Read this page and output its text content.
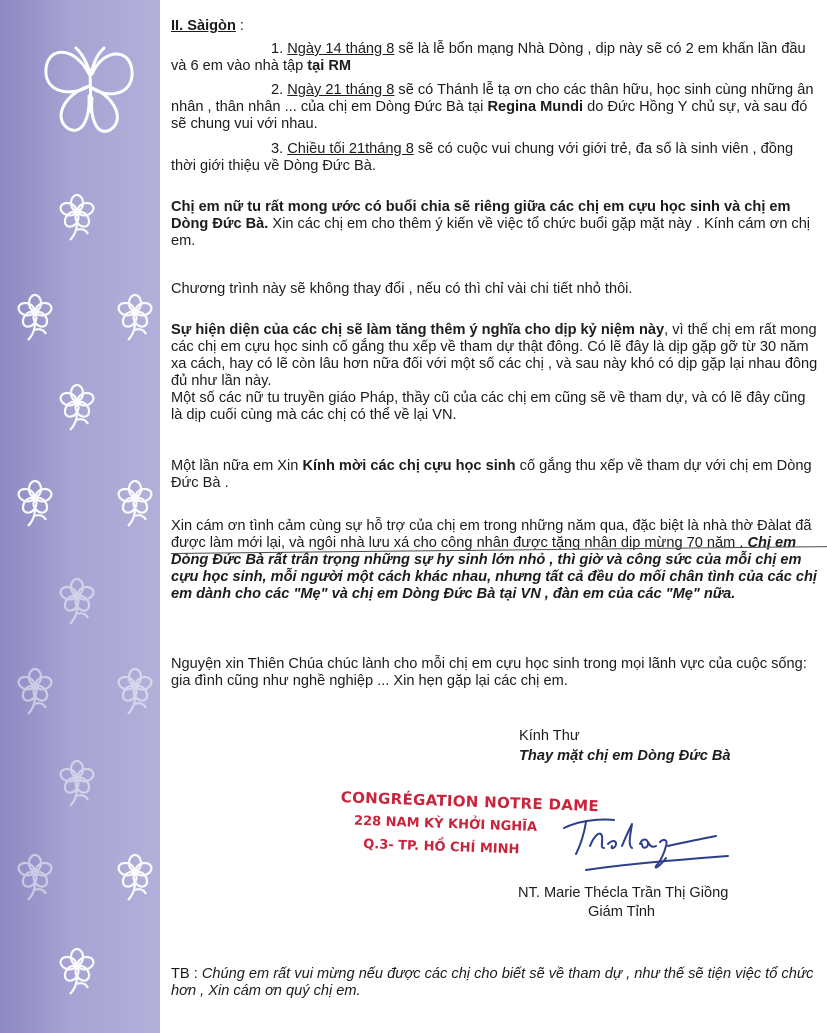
II. Sàigòn :
1. Ngày 14 tháng 8 sẽ là lễ bổn mạng Nhà Dòng , dịp này sẽ có 2 em khấn lần đầu và 6 em vào nhà tập tại RM
2. Ngày 21 tháng 8 sẽ có Thánh lễ tạ ơn cho các thân hữu, học sinh cùng những ân nhân , thân nhân ... của chị em Dòng Đức Bà tại Regina Mundi do Đức Hồng Y chủ sự, và sau đó sẽ chung vui với nhau.
3. Chiều tối 21tháng 8 sẽ có cuộc vui chung với giới trẻ, đa số là sinh viên , đồng thời giới thiệu về Dòng Đức Bà.
Chị em nữ tu rất mong ước có buổi chia sẽ riêng giữa các chị em cựu học sinh và chị em Dòng Đức Bà. Xin các chị em cho thêm ý kiến về việc tổ chức buổi gặp mặt này . Kính cám ơn chị em.
Chương trình này sẽ không thay đổi , nếu có thì chỉ vài chi tiết nhỏ thôi.
Sự hiện diện của các chị sẽ làm tăng thêm ý nghĩa cho dịp kỷ niệm này, vì thế chị em rất mong các chị em cựu học sinh cố gắng thu xếp về tham dự thật đông. Có lẽ đây là dịp gặp gỡ từ 30 năm xa cách, hay có lẽ còn lâu hơn nữa đối với một số các chị , và sau này khó có dịp gặp lại nhau đông đủ như lần này.
Một số các nữ tu truyền giáo Pháp, thầy cũ của các chị em cũng sẽ về tham dự, và có lẽ đây cũng là dịp cuối cùng mà các chị có thể về lại VN.
Một lần nữa em Xin Kính mời các chị cựu học sinh cố gắng thu xếp về tham dự với chị em Dòng Đức Bà .
Xin cám ơn tình cảm cùng sự hỗ trợ của chị em trong những năm qua, đặc biệt là nhà thờ Đàlat đã được làm mới lại, và ngôi nhà lưu xá cho công nhân được tặng nhân dịp mừng 70 năm . Chị em Dòng Đức Bà rất trân trọng những sự hy sinh lớn nhỏ , thì giờ và công sức của mỗi chị em cựu học sinh, mỗi người một cách khác nhau, nhưng tất cả đều do mối chân tình của các chị em dành cho các "Mẹ" và chị em Dòng Đức Bà tại VN , đàn em của các "Mẹ" nữa.
Nguyện xin Thiên Chúa chúc lành cho mỗi chị em cựu học sinh trong mọi lãnh vực của cuộc sống: gia đình cũng như nghề nghiệp ... Xin hẹn gặp lại các chị em.
Kính Thư
Thay mặt chị em Dòng Đức Bà
NT. Marie Thécla Trần Thị Giồng
Giám Tỉnh
TB : Chúng em rất vui mừng nếu được các chị cho biết sẽ về tham dự , như thế sẽ tiện việc tổ chức hơn , Xin cám ơn quý chị em.
CONGRÉGATION NOTRE DAME
228 NAM KỲ KHỞI NGHĨA
Q.3- TP. HỒ CHÍ MINH
